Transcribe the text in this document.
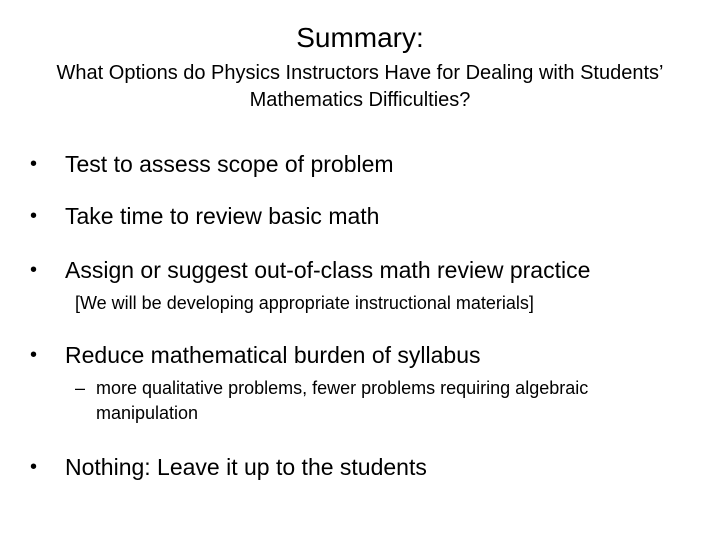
Summary:
What Options do Physics Instructors Have for Dealing with Students’ Mathematics Difficulties?
• Test to assess scope of problem
• Take time to review basic math
• Assign or suggest out-of-class math review practice
[We will be developing appropriate instructional materials]
• Reduce mathematical burden of syllabus
– more qualitative problems, fewer problems requiring algebraic manipulation
• Nothing: Leave it up to the students
